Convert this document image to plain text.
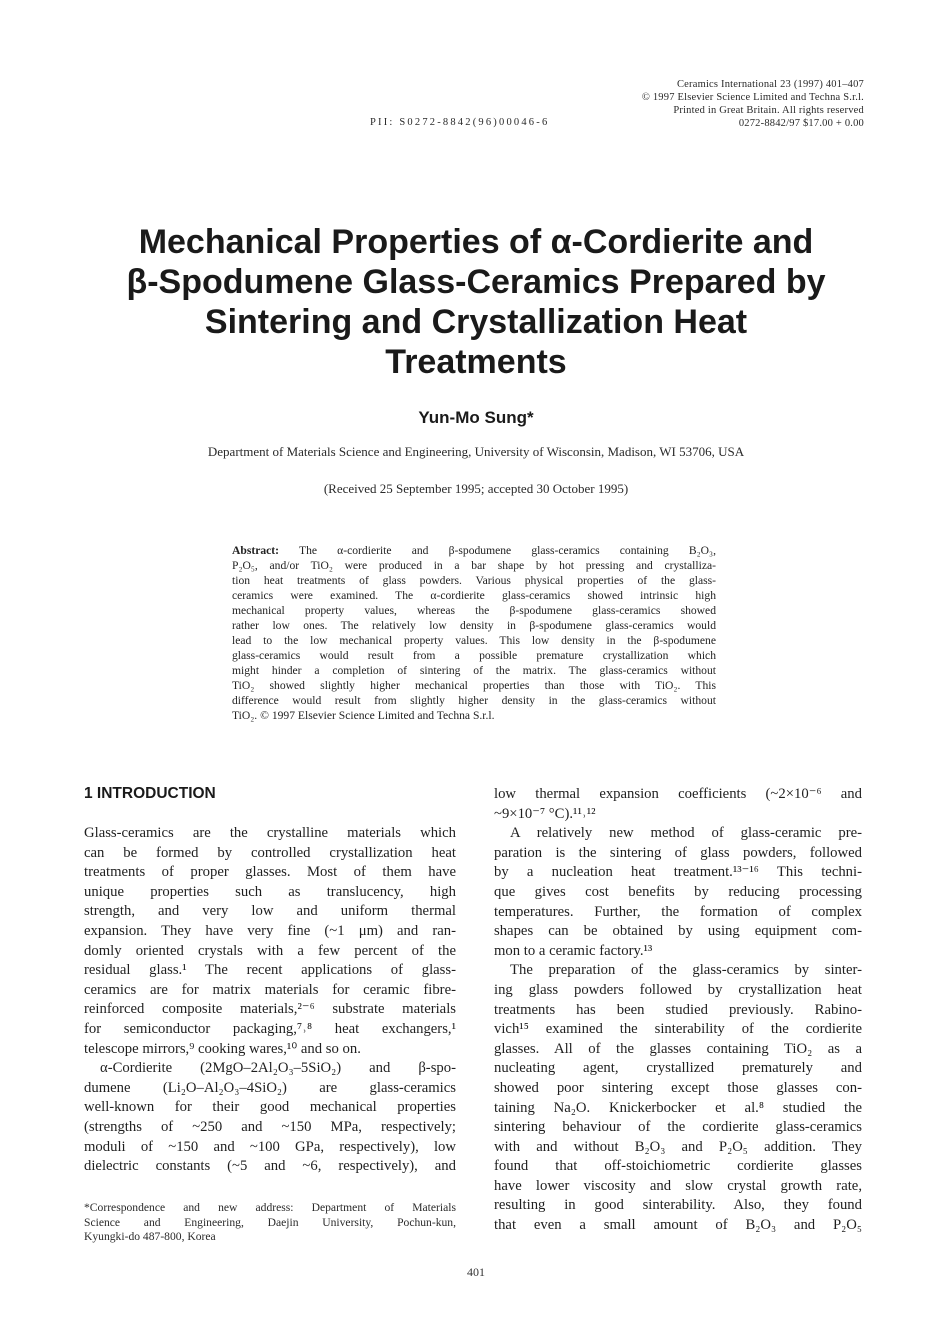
Ceramics International 23 (1997) 401–407
© 1997 Elsevier Science Limited and Techna S.r.l.
Printed in Great Britain. All rights reserved
0272-8842/97 $17.00 + 0.00
PII: S0272-8842(96)00046-6
Mechanical Properties of α-Cordierite and
β-Spodumene Glass-Ceramics Prepared by
Sintering and Crystallization Heat
Treatments
Yun-Mo Sung*
Department of Materials Science and Engineering, University of Wisconsin, Madison, WI 53706, USA
(Received 25 September 1995; accepted 30 October 1995)
Abstract: The α-cordierite and β-spodumene glass-ceramics containing B₂O₃,
P₂O₅, and/or TiO₂ were produced in a bar shape by hot pressing and crystalliza-
tion heat treatments of glass powders. Various physical properties of the glass-
ceramics were examined. The α-cordierite glass-ceramics showed intrinsic high
mechanical property values, whereas the β-spodumene glass-ceramics showed
rather low ones. The relatively low density in β-spodumene glass-ceramics would
lead to the low mechanical property values. This low density in the β-spodumene
glass-ceramics would result from a possible premature crystallization which
might hinder a completion of sintering of the matrix. The glass-ceramics without
TiO₂ showed slightly higher mechanical properties than those with TiO₂. This
difference would result from slightly higher density in the glass-ceramics without
TiO₂. © 1997 Elsevier Science Limited and Techna S.r.l.
1 INTRODUCTION
Glass-ceramics are the crystalline materials which
can be formed by controlled crystallization heat
treatments of proper glasses. Most of them have
unique properties such as translucency, high
strength, and very low and uniform thermal
expansion. They have very fine (~1 μm) and ran-
domly oriented crystals with a few percent of the
residual glass.¹ The recent applications of glass-
ceramics are for matrix materials for ceramic fibre-
reinforced composite materials,²⁻⁶ substrate materials
for semiconductor packaging,⁷˒⁸ heat exchangers,¹
telescope mirrors,⁹ cooking wares,¹⁰ and so on.
α-Cordierite (2MgO–2Al₂O₃–5SiO₂) and β-spo-
dumene (Li₂O–Al₂O₃–4SiO₂) are glass-ceramics
well-known for their good mechanical properties
(strengths of ~250 and ~150 MPa, respectively;
moduli of ~150 and ~100 GPa, respectively), low
dielectric constants (~5 and ~6, respectively), and
*Correspondence and new address: Department of Materials
Science and Engineering, Daejin University, Pochun-kun,
Kyungki-do 487-800, Korea
low thermal expansion coefficients (~2×10⁻⁶ and
~9×10⁻⁷ °C).¹¹˒¹²
A relatively new method of glass-ceramic pre-
paration is the sintering of glass powders, followed
by a nucleation heat treatment.¹³⁻¹⁶ This techni-
que gives cost benefits by reducing processing
temperatures. Further, the formation of complex
shapes can be obtained by using equipment com-
mon to a ceramic factory.¹³
The preparation of the glass-ceramics by sinter-
ing glass powders followed by crystallization heat
treatments has been studied previously. Rabino-
vich¹⁵ examined the sinterability of the cordierite
glasses. All of the glasses containing TiO₂ as a
nucleating agent, crystallized prematurely and
showed poor sintering except those glasses con-
taining Na₂O. Knickerbocker et al.⁸ studied the
sintering behaviour of the cordierite glass-ceramics
with and without B₂O₃ and P₂O₅ addition. They
found that off-stoichiometric cordierite glasses
have lower viscosity and slow crystal growth rate,
resulting in good sinterability. Also, they found
that even a small amount of B₂O₃ and P₂O₅
401
